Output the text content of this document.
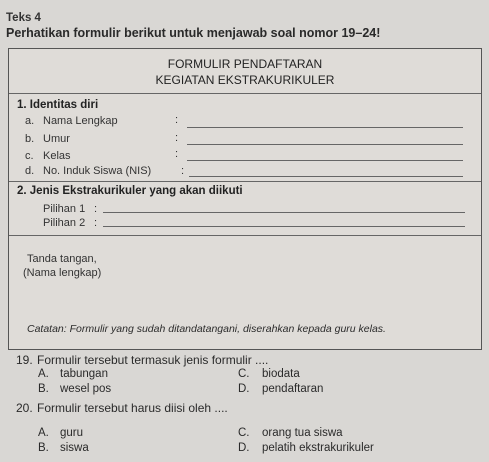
Teks 4
Perhatikan formulir berikut untuk menjawab soal nomor 19–24!
FORMULIR PENDAFTARAN
KEGIATAN EKSTRAKURIKULER
1. Identitas diri
a. Nama Lengkap	:
b. Umur	:
c. Kelas	:
d. No. Induk Siswa (NIS)	:
2. Jenis Ekstrakurikuler yang akan diikuti
Pilihan 1 :
Pilihan 2 :
Tanda tangan,
(Nama lengkap)
Catatan: Formulir yang sudah ditandatangani, diserahkan kepada guru kelas.
19. Formulir tersebut termasuk jenis formulir ....
A. tabungan
B. wesel pos
C. biodata
D. pendaftaran
20. Formulir tersebut harus diisi oleh ....
A. guru
B. siswa
C. orang tua siswa
D. pelatih ekstrakurikuler
